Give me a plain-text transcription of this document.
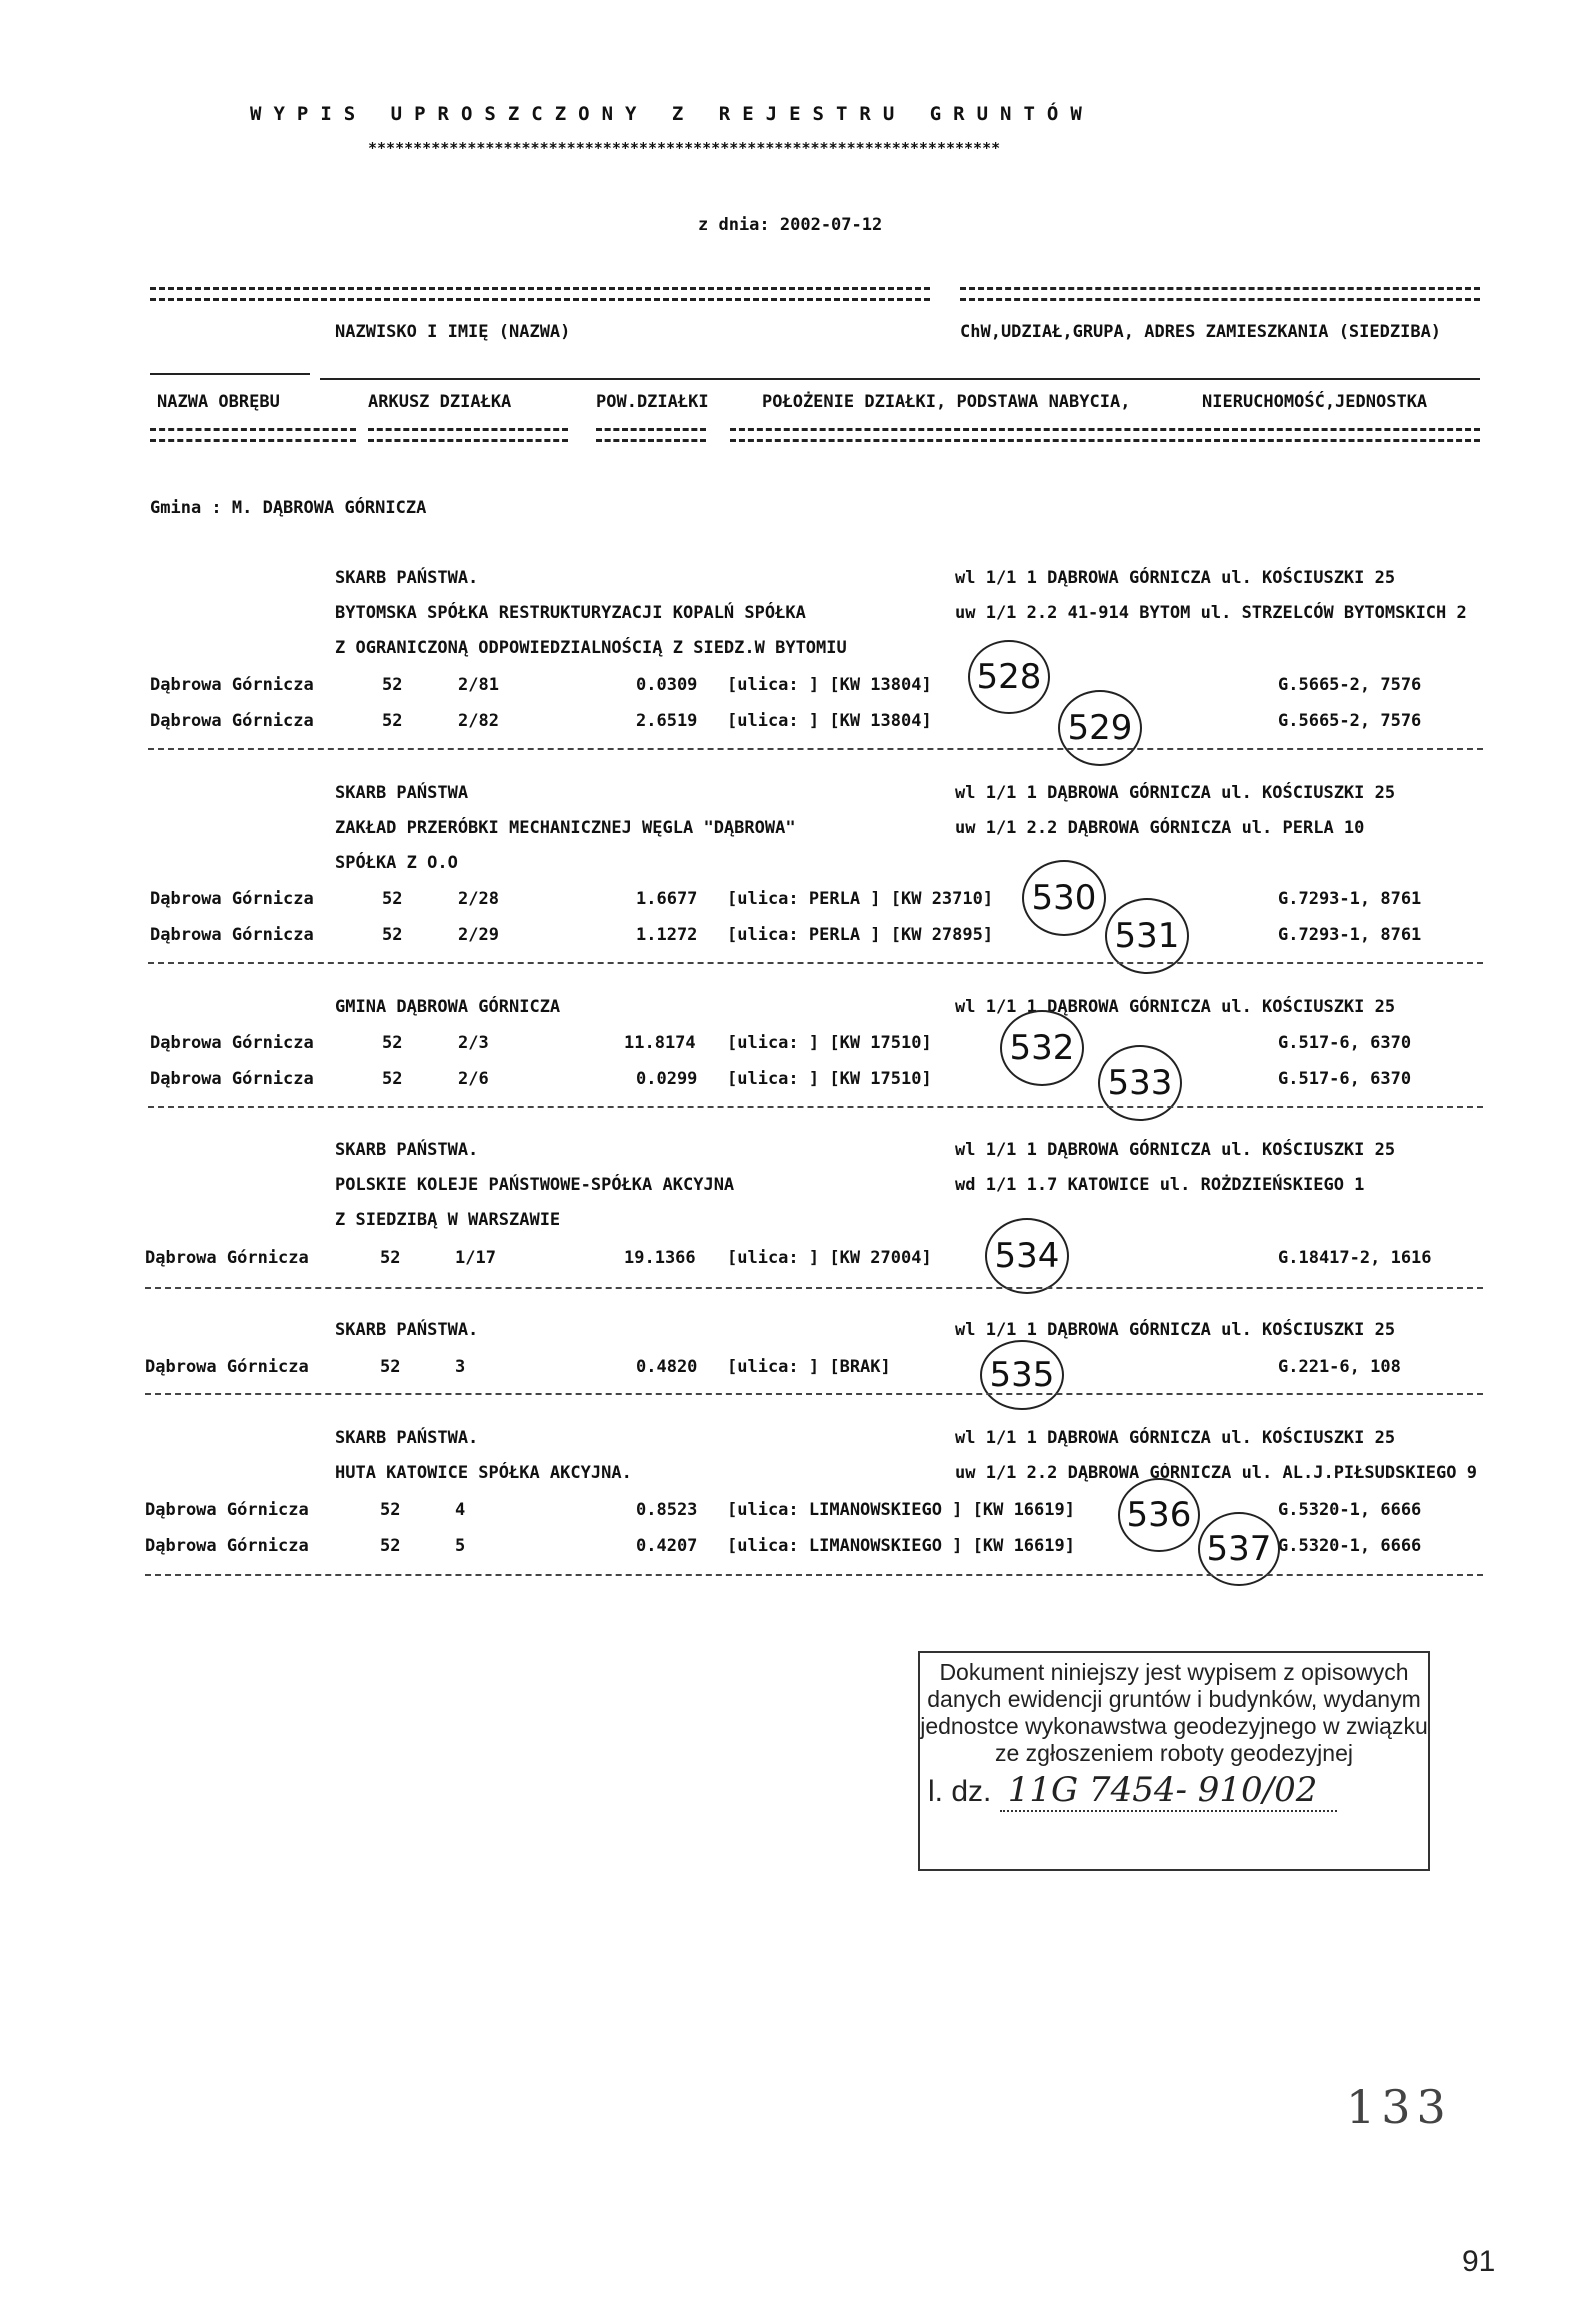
WYPIS UPROSZCZONY Z REJESTRU GRUNTÓW
**********************************************************************
z dnia: 2002-07-12
NAZWISKO I IMIĘ (NAZWA)	ChW,UDZIAŁ,GRUPA, ADRES ZAMIESZKANIA (SIEDZIBA)
NAZWA OBRĘBU	ARKUSZ DZIAŁKA	POW.DZIAŁKI	POŁOŻENIE DZIAŁKI, PODSTAWA NABYCIA,	NIERUCHOMOŚĆ,JEDNOSTKA
Gmina : M. DĄBROWA GÓRNICZA
SKARB PAŃSTWA.	wl 1/1 1 DĄBROWA GÓRNICZA ul. KOŚCIUSZKI 25
BYTOMSKA SPÓŁKA RESTRUKTURYZACJI KOPALŃ SPÓŁKA	uw 1/1 2.2 41-914 BYTOM ul. STRZELCÓW BYTOMSKICH 2
Z OGRANICZONĄ ODPOWIEDZIALNOŚCIĄ Z SIEDZ.W BYTOMIU
Dąbrowa Górnicza	52	2/81	0.0309 [ulica: ] [KW 13804]	G.5665-2, 7576
528
Dąbrowa Górnicza	52	2/82	2.6519 [ulica: ] [KW 13804]	G.5665-2, 7576
529
SKARB PAŃSTWA	wl 1/1 1 DĄBROWA GÓRNICZA ul. KOŚCIUSZKI 25
ZAKŁAD PRZERÓBKI MECHANICZNEJ WĘGLA "DĄBROWA"	uw 1/1 2.2 DĄBROWA GÓRNICZA ul. PERLA 10
SPÓŁKA Z O.O
Dąbrowa Górnicza	52	2/28	1.6677 [ulica: PERLA ] [KW 23710]	G.7293-1, 8761
530
Dąbrowa Górnicza	52	2/29	1.1272 [ulica: PERLA ] [KW 27895]	G.7293-1, 8761
531
GMINA DĄBROWA GÓRNICZA	wl 1/1 1 DĄBROWA GÓRNICZA ul. KOŚCIUSZKI 25
Dąbrowa Górnicza	52	2/3	11.8174 [ulica: ] [KW 17510]	G.517-6, 6370
532
Dąbrowa Górnicza	52	2/6	0.0299 [ulica: ] [KW 17510]	G.517-6, 6370
533
SKARB PAŃSTWA.	wl 1/1 1 DĄBROWA GÓRNICZA ul. KOŚCIUSZKI 25
POLSKIE KOLEJE PAŃSTWOWE-SPÓŁKA AKCYJNA	wd 1/1 1.7 KATOWICE ul. ROŻDZIEŃSKIEGO 1
Z SIEDZIBĄ W WARSZAWIE
Dąbrowa Górnicza	52	1/17	19.1366 [ulica: ] [KW 27004]	G.18417-2, 1616
534
SKARB PAŃSTWA.	wl 1/1 1 DĄBROWA GÓRNICZA ul. KOŚCIUSZKI 25
Dąbrowa Górnicza	52	3	0.4820 [ulica: ] [BRAK]	G.221-6, 108
535
SKARB PAŃSTWA.	wl 1/1 1 DĄBROWA GÓRNICZA ul. KOŚCIUSZKI 25
HUTA KATOWICE SPÓŁKA AKCYJNA.	uw 1/1 2.2 DĄBROWA GÓRNICZA ul. AL.J.PIŁSUDSKIEGO 9
Dąbrowa Górnicza	52	4	0.8523 [ulica: LIMANOWSKIEGO ] [KW 16619]	G.5320-1, 6666
536
Dąbrowa Górnicza	52	5	0.4207 [ulica: LIMANOWSKIEGO ] [KW 16619]	G.5320-1, 6666
537
Dokument niniejszy jest wypisem z opisowych
danych ewidencji gruntów i budynków, wydanym
jednostce wykonawstwa geodezyjnego w związku
ze zgłoszeniem roboty geodezyjnej
l. dz. 11G 7454- 910/02
133
91
